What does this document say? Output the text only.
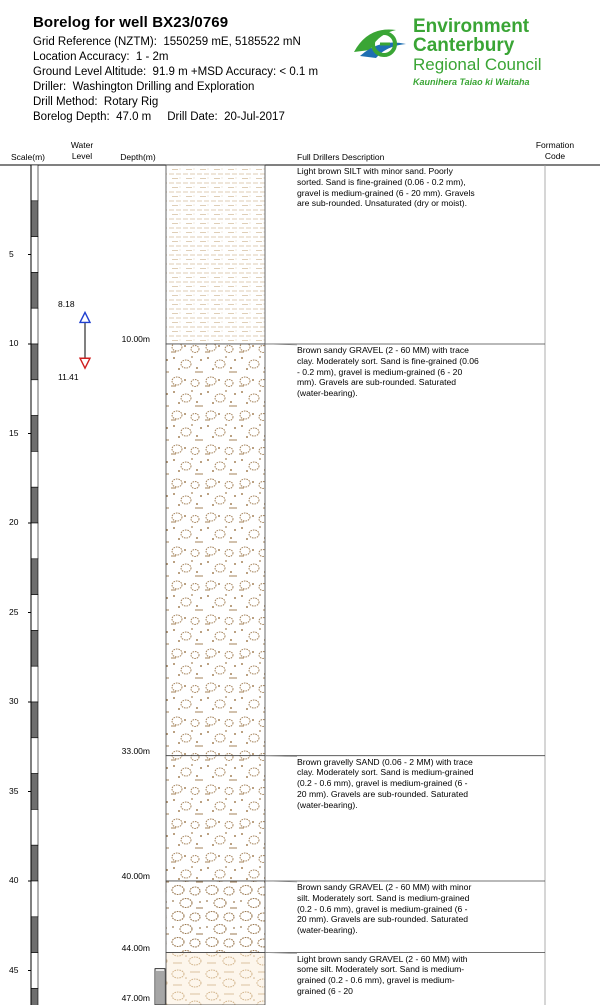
Borelog for well BX23/0769
Grid Reference (NZTM):  1550259 mE, 5185522 mN
Location Accuracy:  1 - 2m
Ground Level Altitude:  91.9 m +MSD Accuracy: < 0.1 m
Driller:  Washington Drilling and Exploration
Drill Method:  Rotary Rig
Borelog Depth:  47.0 m     Drill Date:  20-Jul-2017
Environment
Canterbury
Regional Council
Kaunihera Taiao ki Waitaha
Scale(m)
Water
Level	Depth(m)	Full Drillers Description
Formation
Code
5
10
15
20
25
30
35
40
45
8.18
11.41
10.00m
Light brown SILT with minor sand. Poorly sorted. Sand is fine-grained (0.06 - 0.2 mm), gravel is medium-grained (6 - 20 mm). Gravels are sub-rounded. Unsaturated (dry or moist).
33.00m
Brown sandy GRAVEL (2 - 60 MM) with trace clay. Moderately sort. Sand is fine-grained (0.06 - 0.2 mm), gravel is medium-grained (6 - 20 mm). Gravels are sub-rounded. Saturated (water-bearing).
40.00m
Brown gravelly SAND (0.06 - 2 MM) with trace clay. Moderately sort. Sand is medium-grained (0.2 - 0.6 mm), gravel is medium-grained (6 - 20 mm). Gravels are sub-rounded. Saturated (water-bearing).
44.00m
Brown sandy GRAVEL (2 - 60 MM) with minor silt. Moderately sort. Sand is medium-grained (0.2 - 0.6 mm), gravel is medium-grained (6 - 20 mm). Gravels are sub-rounded. Saturated (water-bearing).
47.00m
Light brown sandy GRAVEL (2 - 60 MM) with some silt. Moderately sort. Sand is medium-grained (0.2 - 0.6 mm), gravel is medium-grained (6 - 20
